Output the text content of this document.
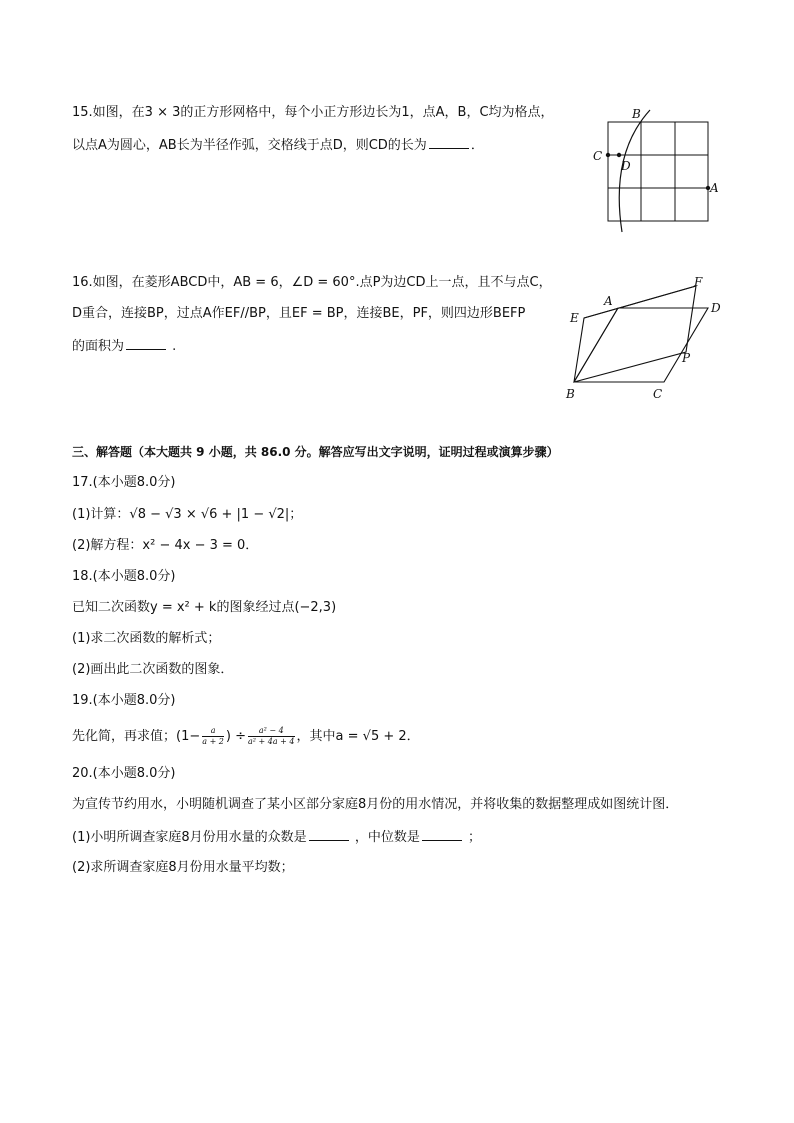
15.如图，在3 × 3的正方形网格中，每个小正方形边长为1，点A，B，C均为格点，
以点A为圆心，AB长为半径作弧，交格线于点D，则CD的长为	．
B
A
C
D
16.如图，在菱形ABCD中，AB = 6，∠D = 60°.点P为边CD上一点，且不与点C，
D重合，连接BP，过点A作EF//BP，且EF = BP，连接BE，PF，则四边形BEFP
的面积为	.
B	C
D
A
E
F
P
三、解答题（本大题共 9 小题，共 86.0 分。解答应写出文字说明，证明过程或演算步骤）
17.(本小题8.0分)
(1)计算：√8 − √3 × √6 + |1 − √2|；
(2)解方程：x² − 4x − 3 = 0．
18.(本小题8.0分)
已知二次函数y = x² + k的图象经过点(−2,3)
(1)求二次函数的解析式；
(2)画出此二次函数的图象．
19.(本小题8.0分)
先化简，再求值；($1- \frac{a}{a + 2}$ ) ÷ $\frac{\text{a² − 4}}{\text{a² + 4a + 4}}$ ，其中a = √5 + 2．
20.(本小题8.0分)
为宣传节约用水，小明随机调查了某小区部分家庭8月份的用水情况，并将收集的数据整理成如图统计图．
(1)小明所调查家庭8月份用水量的众数是	，中位数是	；
(2)求所调查家庭8月份用水量平均数；
